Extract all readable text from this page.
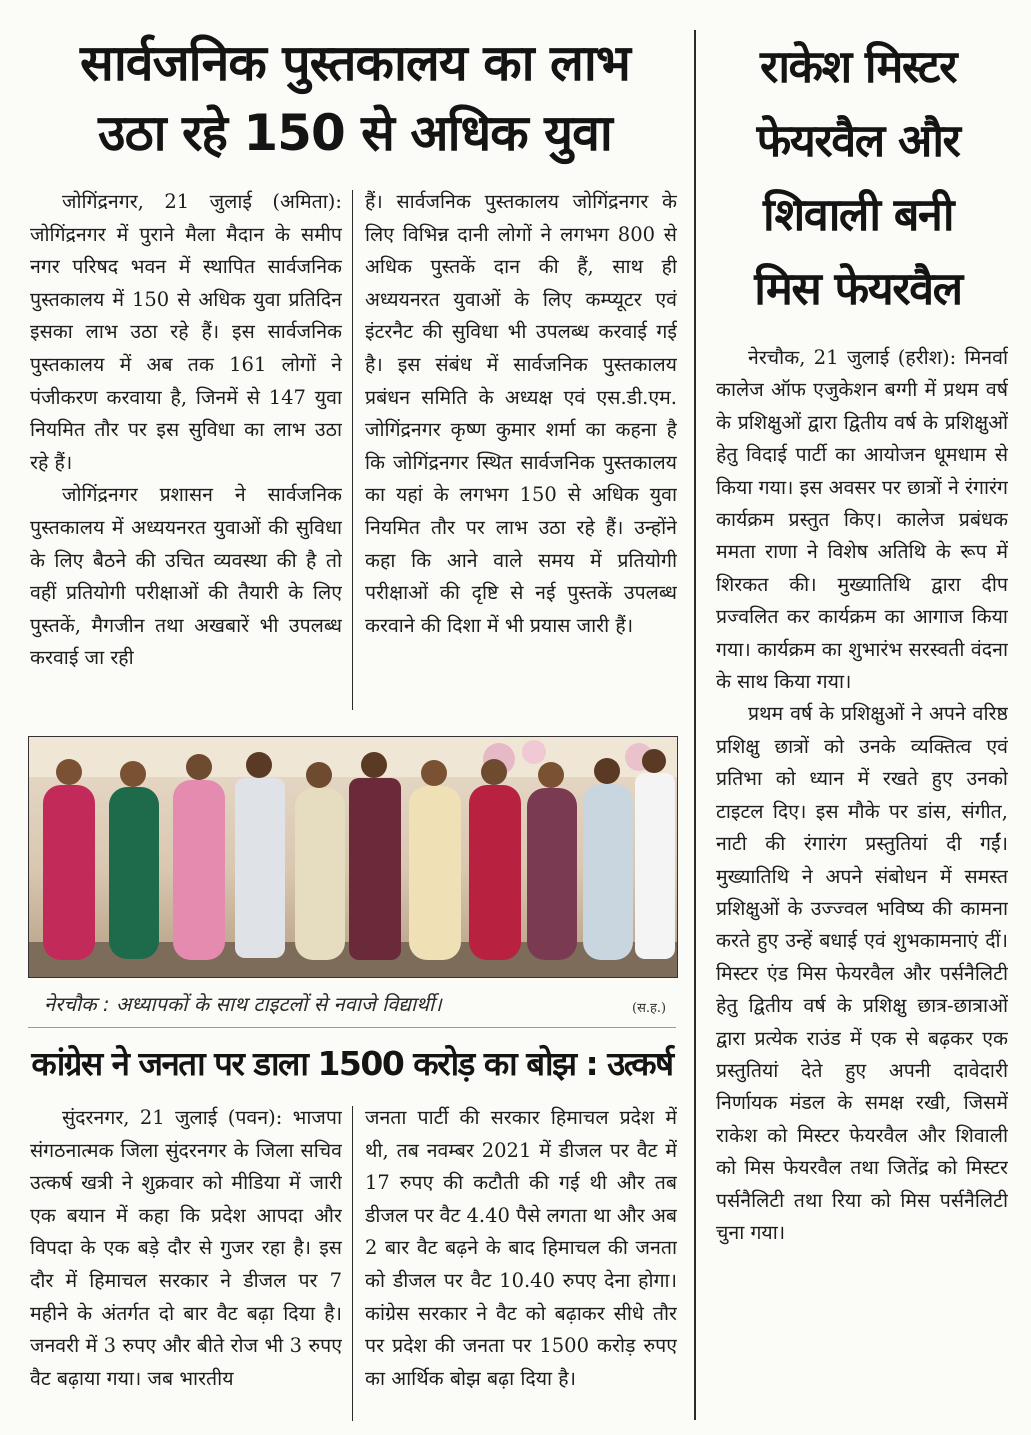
सार्वजनिक पुस्तकालय का लाभ
उठा रहे 150 से अधिक युवा

जोगिंद्रनगर, 21 जुलाई (अमिता): जोगिंद्रनगर में पुराने मैला मैदान के समीप नगर परिषद भवन में स्थापित सार्वजनिक पुस्तकालय में 150 से अधिक युवा प्रतिदिन इसका लाभ उठा रहे हैं। इस सार्वजनिक पुस्तकालय में अब तक 161 लोगों ने पंजीकरण करवाया है, जिनमें से 147 युवा नियमित तौर पर इस सुविधा का लाभ उठा रहे हैं।

जोगिंद्रनगर प्रशासन ने सार्वजनिक पुस्तकालय में अध्ययनरत युवाओं की सुविधा के लिए बैठने की उचित व्यवस्था की है तो वहीं प्रतियोगी परीक्षाओं की तैयारी के लिए पुस्तकें, मैगजीन तथा अखबारें भी उपलब्ध करवाई जा रही

हैं। सार्वजनिक पुस्तकालय जोगिंद्रनगर के लिए विभिन्न दानी लोगों ने लगभग 800 से अधिक पुस्तकें दान की हैं, साथ ही अध्ययनरत युवाओं के लिए कम्प्यूटर एवं इंटरनैट की सुविधा भी उपलब्ध करवाई गई है। इस संबंध में सार्वजनिक पुस्तकालय प्रबंधन समिति के अध्यक्ष एवं एस.डी.एम. जोगिंद्रनगर कृष्ण कुमार शर्मा का कहना है कि जोगिंद्रनगर स्थित सार्वजनिक पुस्तकालय का यहां के लगभग 150 से अधिक युवा नियमित तौर पर लाभ उठा रहे हैं। उन्होंने कहा कि आने वाले समय में प्रतियोगी परीक्षाओं की दृष्टि से नई पुस्तकें उपलब्ध करवाने की दिशा में भी प्रयास जारी हैं।

नेरचौक : अध्यापकों के साथ टाइटलों से नवाजे विद्यार्थी।	(स.ह.)
कांग्रेस ने जनता पर डाला 1500 करोड़ का बोझ : उत्कर्ष

सुंदरनगर, 21 जुलाई (पवन): भाजपा संगठनात्मक जिला सुंदरनगर के जिला सचिव उत्कर्ष खत्री ने शुक्रवार को मीडिया में जारी एक बयान में कहा कि प्रदेश आपदा और विपदा के एक बड़े दौर से गुजर रहा है। इस दौर में हिमाचल सरकार ने डीजल पर 7 महीने के अंतर्गत दो बार वैट बढ़ा दिया है। जनवरी में 3 रुपए और बीते रोज भी 3 रुपए वैट बढ़ाया गया। जब भारतीय

जनता पार्टी की सरकार हिमाचल प्रदेश में थी, तब नवम्बर 2021 में डीजल पर वैट में 17 रुपए की कटौती की गई थी और तब डीजल पर वैट 4.40 पैसे लगता था और अब 2 बार वैट बढ़ने के बाद हिमाचल की जनता को डीजल पर वैट 10.40 रुपए देना होगा। कांग्रेस सरकार ने वैट को बढ़ाकर सीधे तौर पर प्रदेश की जनता पर 1500 करोड़ रुपए का आर्थिक बोझ बढ़ा दिया है।

राकेश मिस्टर
फेयरवैल और
शिवाली बनी
मिस फेयरवैल

नेरचौक, 21 जुलाई (हरीश): मिनर्वा कालेज ऑफ एजुकेशन बग्गी में प्रथम वर्ष के प्रशिक्षुओं द्वारा द्वितीय वर्ष के प्रशिक्षुओं हेतु विदाई पार्टी का आयोजन धूमधाम से किया गया। इस अवसर पर छात्रों ने रंगारंग कार्यक्रम प्रस्तुत किए। कालेज प्रबंधक ममता राणा ने विशेष अतिथि के रूप में शिरकत की। मुख्यातिथि द्वारा दीप प्रज्वलित कर कार्यक्रम का आगाज किया गया। कार्यक्रम का शुभारंभ सरस्वती वंदना के साथ किया गया।

प्रथम वर्ष के प्रशिक्षुओं ने अपने वरिष्ठ प्रशिक्षु छात्रों को उनके व्यक्तित्व एवं प्रतिभा को ध्यान में रखते हुए उनको टाइटल दिए। इस मौके पर डांस, संगीत, नाटी की रंगारंग प्रस्तुतियां दी गईं। मुख्यातिथि ने अपने संबोधन में समस्त प्रशिक्षुओं के उज्ज्वल भविष्य की कामना करते हुए उन्हें बधाई एवं शुभकामनाएं दीं। मिस्टर एंड मिस फेयरवैल और पर्सनैलिटी हेतु द्वितीय वर्ष के प्रशिक्षु छात्र-छात्राओं द्वारा प्रत्येक राउंड में एक से बढ़कर एक प्रस्तुतियां देते हुए अपनी दावेदारी निर्णायक मंडल के समक्ष रखी, जिसमें राकेश को मिस्टर फेयरवैल और शिवाली को मिस फेयरवैल तथा जितेंद्र को मिस्टर पर्सनैलिटी तथा रिया को मिस पर्सनैलिटी चुना गया।
